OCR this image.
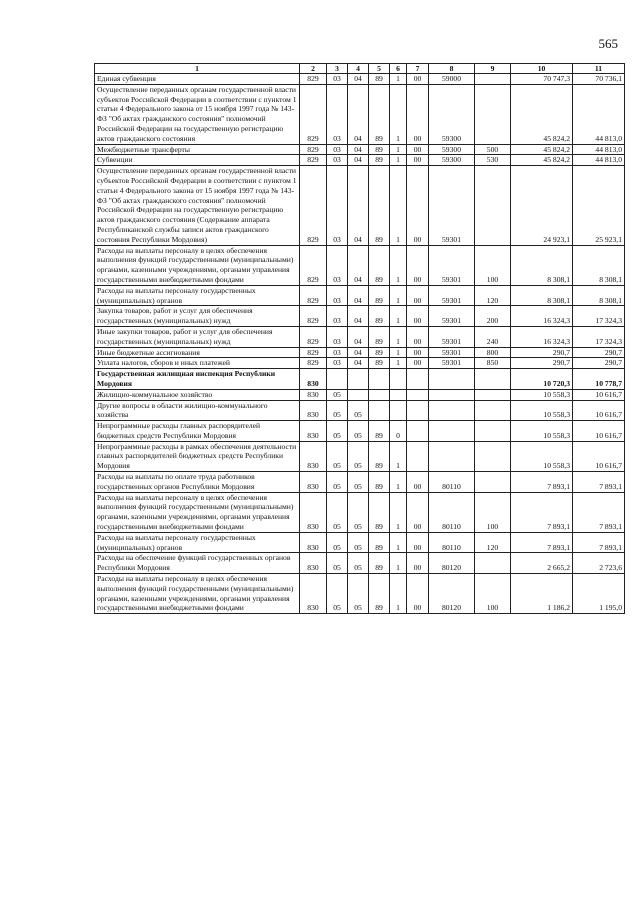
565
1	2	3	4	5	6	7	8	9	10	11
Единая субвенция	829	03	04	89	1	00	59000		70 747,3	70 736,1
Осуществление переданных органам государственной власти субъектов Российской Федерации в соответствии с пунктом 1 статьи 4 Федерального закона от 15 ноября 1997 года № 143-ФЗ "Об актах гражданского состояния" полномочий Российской Федерации на государственную регистрацию актов гражданского состояния	829	03	04	89	1	00	59300		45 824,2	44 813,0
Межбюджетные трансферты	829	03	04	89	1	00	59300	500	45 824,2	44 813,0
Субвенции	829	03	04	89	1	00	59300	530	45 824,2	44 813,0
Осуществление переданных органам государственной власти субъектов Российской Федерации в соответствии с пунктом 1 статьи 4 Федерального закона от 15 ноября 1997 года № 143-ФЗ "Об актах гражданского состояния" полномочий Российской Федерации на государственную регистрацию актов гражданского состояния (Содержание аппарата Республиканской службы записи актов гражданского состояния Республики Мордовия)	829	03	04	89	1	00	59301		24 923,1	25 923,1
Расходы на выплаты персоналу в целях обеспечения выполнения функций государственными (муниципальными) органами, казенными учреждениями, органами управления государственными внебюджетными фондами	829	03	04	89	1	00	59301	100	8 308,1	8 308,1
Расходы на выплаты персоналу государственных (муниципальных) органов	829	03	04	89	1	00	59301	120	8 308,1	8 308,1
Закупка товаров, работ и услуг для обеспечения государственных (муниципальных) нужд	829	03	04	89	1	00	59301	200	16 324,3	17 324,3
Иные закупки товаров, работ и услуг для обеспечения государственных (муниципальных) нужд	829	03	04	89	1	00	59301	240	16 324,3	17 324,3
Иные бюджетные ассигнования	829	03	04	89	1	00	59301	800	290,7	290,7
Уплата налогов, сборов и иных платежей	829	03	04	89	1	00	59301	850	290,7	290,7
Государственная жилищная инспекция Республики Мордовия	830								10 720,3	10 778,7
Жилищно-коммунальное хозяйство	830	05							10 558,3	10 616,7
Другие вопросы в области жилищно-коммунального хозяйства	830	05	05						10 558,3	10 616,7
Непрограммные расходы главных распорядителей бюджетных средств Республики Мордовия	830	05	05	89	0				10 558,3	10 616,7
Непрограммные расходы в рамках обеспечения деятельности главных распорядителей бюджетных средств Республики Мордовия	830	05	05	89	1				10 558,3	10 616,7
Расходы на выплаты по оплате труда работников государственных органов Республики Мордовия	830	05	05	89	1	00	80110		7 893,1	7 893,1
Расходы на выплаты персоналу в целях обеспечения выполнения функций государственными (муниципальными) органами, казенными учреждениями, органами управления государственными внебюджетными фондами	830	05	05	89	1	00	80110	100	7 893,1	7 893,1
Расходы на выплаты персоналу государственных (муниципальных) органов	830	05	05	89	1	00	80110	120	7 893,1	7 893,1
Расходы на обеспечение функций государственных органов Республики Мордовия	830	05	05	89	1	00	80120		2 665,2	2 723,6
Расходы на выплаты персоналу в целях обеспечения выполнения функций государственными (муниципальными) органами, казенными учреждениями, органами управления государственными внебюджетными фондами	830	05	05	89	1	00	80120	100	1 186,2	1 195,0
